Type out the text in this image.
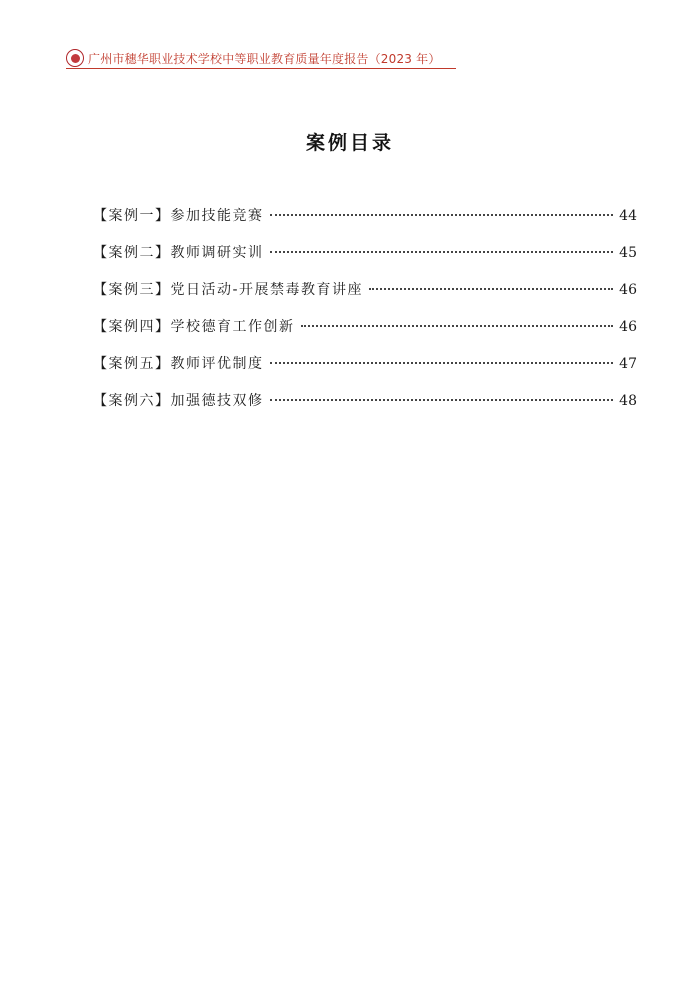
广州市穗华职业技术学校中等职业教育质量年度报告（2023 年）
案例目录
【案例一】参加技能竞赛	44
【案例二】教师调研实训	45
【案例三】党日活动-开展禁毒教育讲座	46
【案例四】学校德育工作创新	46
【案例五】教师评优制度	47
【案例六】加强德技双修	48
